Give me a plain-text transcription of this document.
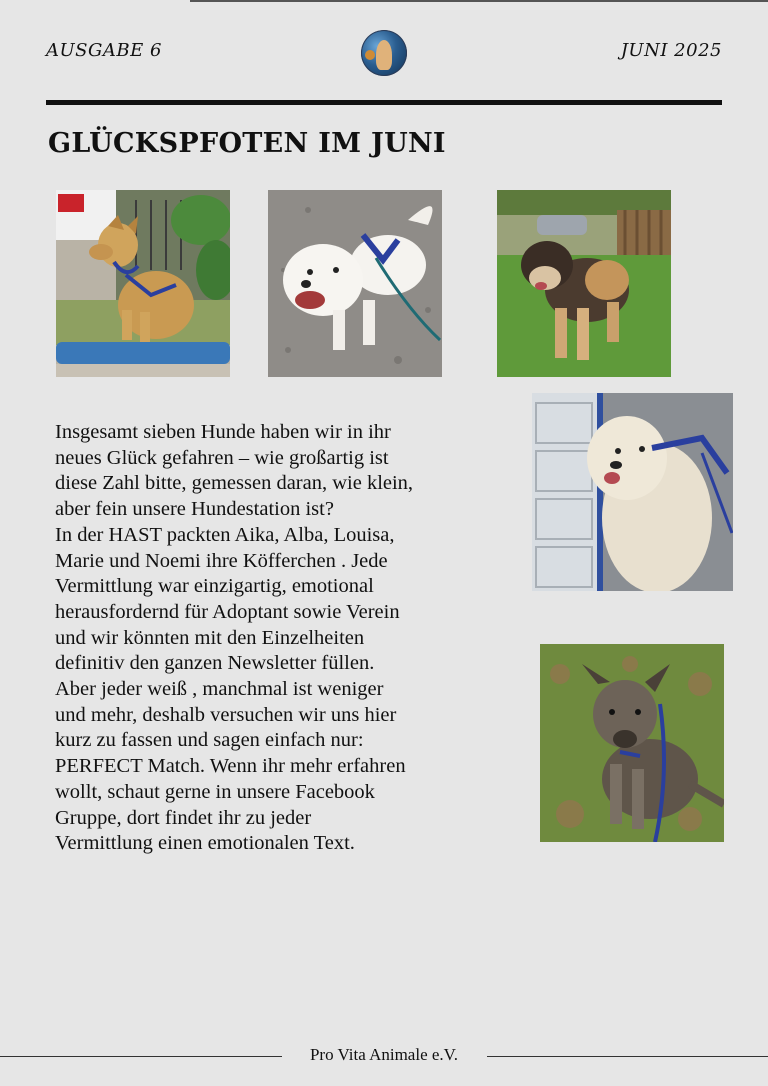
AUSGABE 6	JUNI 2025
GLÜCKSPFOTEN IM JUNI
Insgesamt sieben Hunde haben wir in ihr
neues Glück gefahren – wie großartig ist
diese Zahl bitte, gemessen daran, wie klein,
aber fein unsere Hundestation ist?
In der HAST packten Aika, Alba, Louisa,
Marie und Noemi ihre Köfferchen . Jede
Vermittlung war einzigartig, emotional
herausfordernd für Adoptant sowie Verein
und wir könnten mit den Einzelheiten
definitiv den ganzen Newsletter füllen.
Aber jeder weiß , manchmal ist weniger
und mehr, deshalb versuchen wir uns hier
kurz zu fassen und sagen einfach nur:
PERFECT Match. Wenn ihr mehr erfahren
wollt, schaut gerne in unsere Facebook
Gruppe, dort findet ihr zu jeder
Vermittlung einen emotionalen Text.
Pro Vita Animale e.V.
